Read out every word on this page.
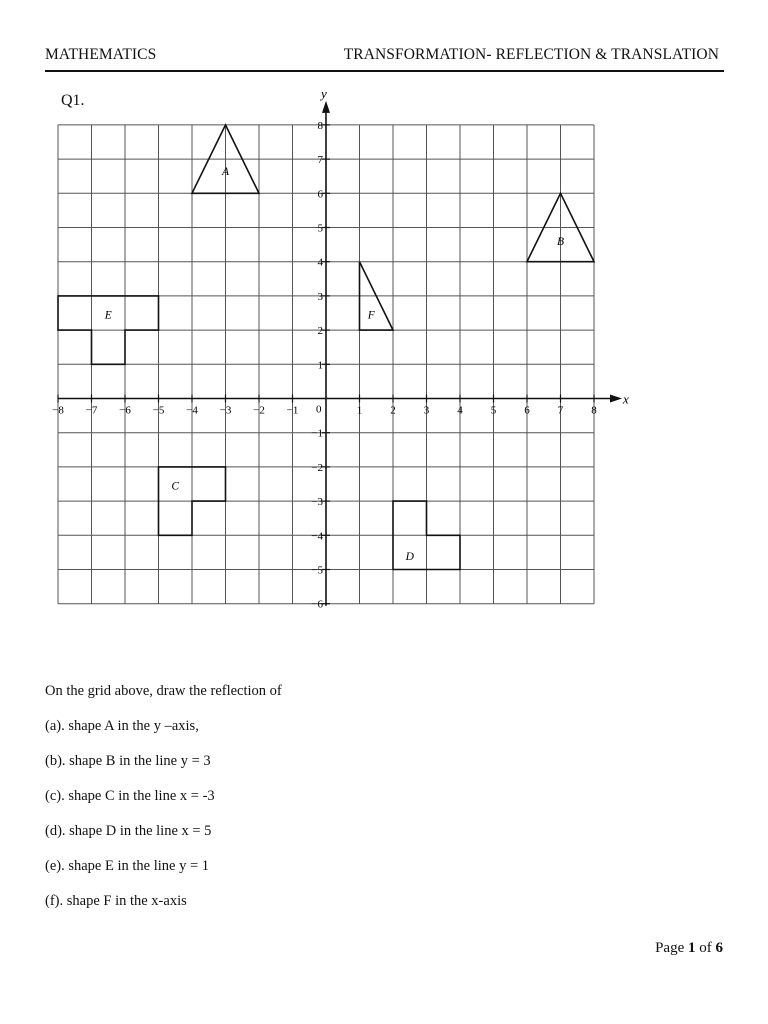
MATHEMATICS	TRANSFORMATION- REFLECTION & TRANSLATION
Q1.
x
y
0
−8 −7 −6 −5 −4 −3 −2 −1	1	2	3	4	5	6	7	8
8
7
6
5
4
3
2
1
−1
−2
−3
−4
−5
−6
A
B
C
D
E	F

On the grid above, draw the reflection of

(a). shape A in the y –axis,

(b). shape B in the line y = 3

(c). shape C in the line x = -3

(d). shape D in the line x = 5

(e). shape E in the line y = 1

(f). shape F in the x-axis

Page 1 of 6
